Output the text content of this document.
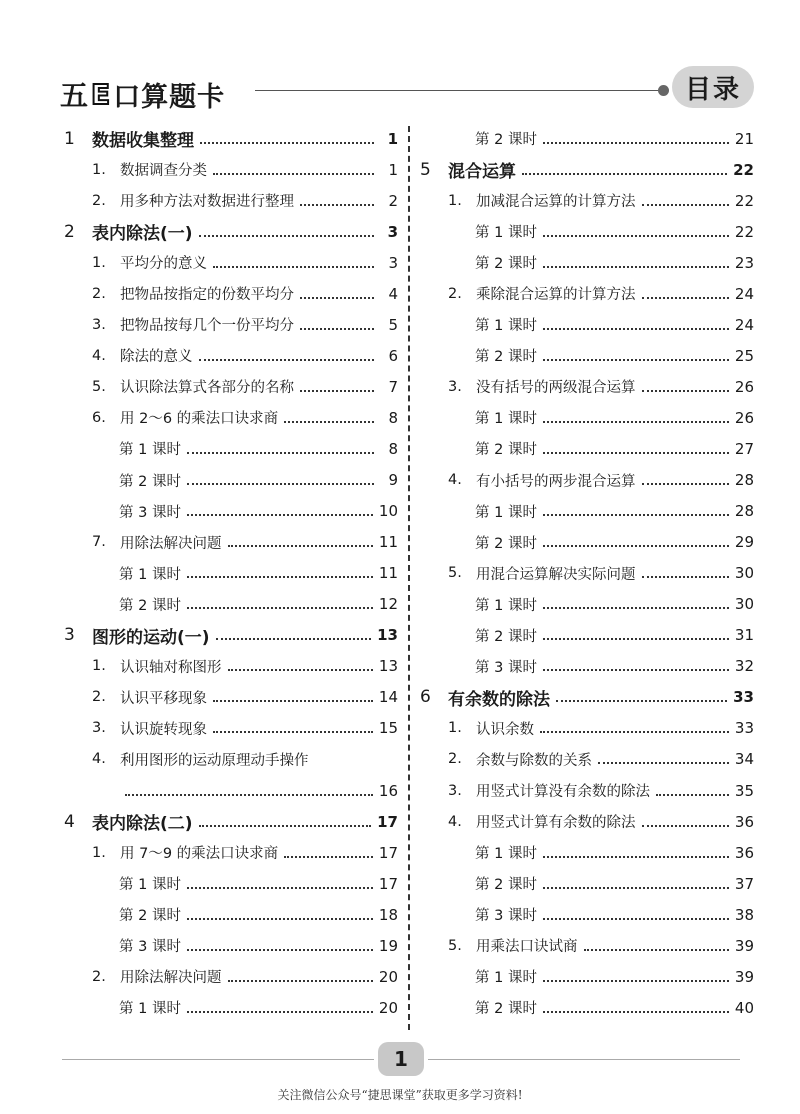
五 E 口算题卡	目录
1	数据收集整理	1
1. 数据调查分类	1
2. 用多种方法对数据进行整理	2
2	表内除法(一)	3
1. 平均分的意义	3
2. 把物品按指定的份数平均分	4
3. 把物品按每几个一份平均分	5
4. 除法的意义	6
5. 认识除法算式各部分的名称	7
6. 用 2～6 的乘法口诀求商	8
第 1 课时	8
第 2 课时	9
第 3 课时	10
7. 用除法解决问题	11
第 1 课时	11
第 2 课时	12
3	图形的运动(一)	13
1. 认识轴对称图形	13
2. 认识平移现象	14
3. 认识旋转现象	15
4. 利用图形的运动原理动手操作
16
4	表内除法(二)	17
1. 用 7～9 的乘法口诀求商	17
第 1 课时	17
第 2 课时	18
第 3 课时	19
2. 用除法解决问题	20
第 1 课时	20
第 2 课时	21
5	混合运算	22
1. 加减混合运算的计算方法	22
第 1 课时	22
第 2 课时	23
2. 乘除混合运算的计算方法	24
第 1 课时	24
第 2 课时	25
3. 没有括号的两级混合运算	26
第 1 课时	26
第 2 课时	27
4. 有小括号的两步混合运算	28
第 1 课时	28
第 2 课时	29
5. 用混合运算解决实际问题	30
第 1 课时	30
第 2 课时	31
第 3 课时	32
6	有余数的除法	33
1. 认识余数	33
2. 余数与除数的关系	34
3. 用竖式计算没有余数的除法	35
4. 用竖式计算有余数的除法	36
第 1 课时	36
第 2 课时	37
第 3 课时	38
5. 用乘法口诀试商	39
第 1 课时	39
第 2 课时	40
1
关注微信公众号“捷思课堂”获取更多学习资料!
